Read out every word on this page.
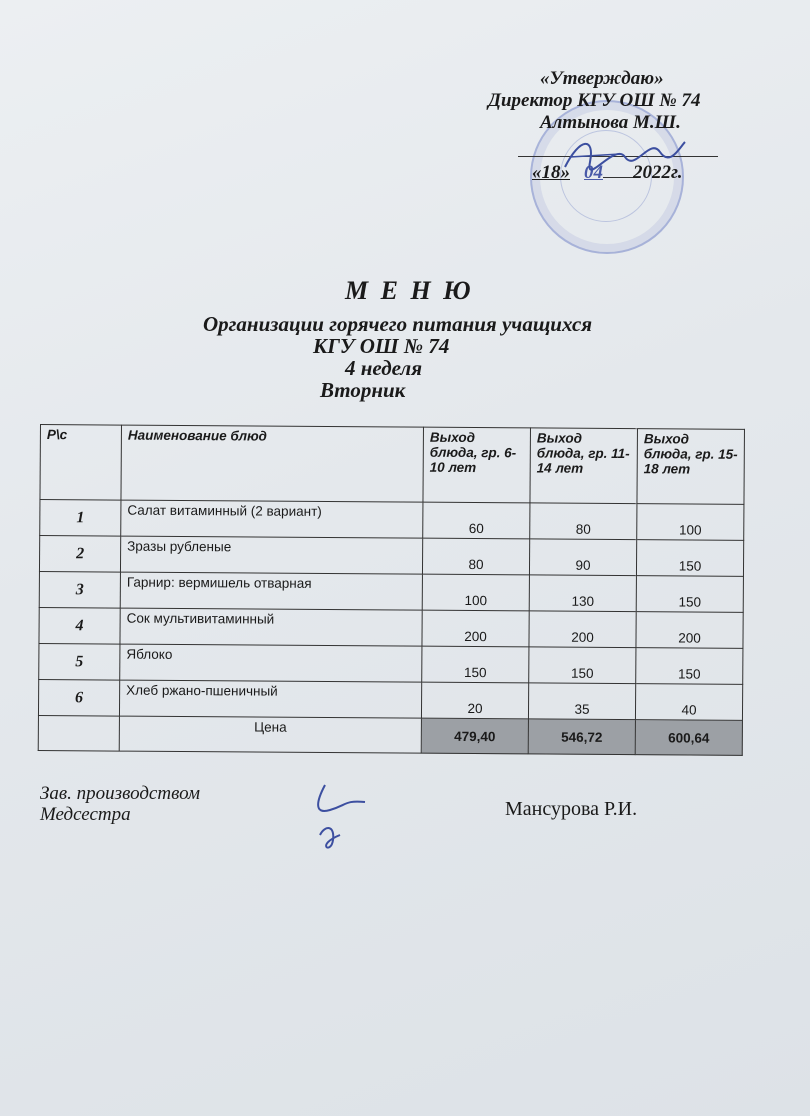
«Утверждаю»
Директор КГУ ОШ № 74
Алтынова М.Ш.
«18» 04 2022г.
М Е Н Ю
Организации горячего питания учащихся
КГУ ОШ № 74
4 неделя
Вторник
Р\с	Наименование блюд	Выход блюда, гр. 6-10 лет	Выход блюда, гр. 11-14 лет	Выход блюда, гр. 15-18 лет
1	Салат витаминный (2 вариант)	60	80	100
2	Зразы рубленые	80	90	150
3	Гарнир: вермишель отварная	100	130	150
4	Сок мультивитаминный	200	200	200
5	Яблоко	150	150	150
6	Хлеб ржано-пшеничный	20	35	40
	Цена	479,40	546,72	600,64
Зав. производством
Медсестра	Мансурова Р.И.
